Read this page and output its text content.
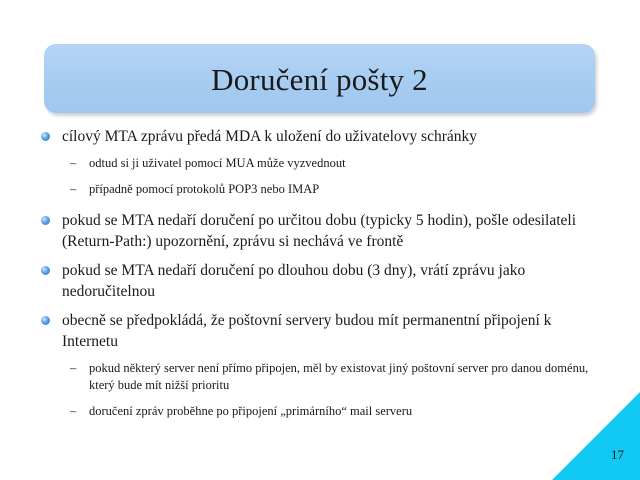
Doručení pošty 2
cílový MTA zprávu předá MDA k uložení do uživatelovy schránky
– odtud si ji uživatel pomocí MUA může vyzvednout
– případně pomocí protokolů POP3 nebo IMAP
pokud se MTA nedaří doručení po určitou dobu (typicky 5 hodin), pošle odesilateli (Return-Path:) upozornění, zprávu si nechává ve frontě
pokud se MTA nedaří doručení po dlouhou dobu (3 dny), vrátí zprávu jako nedoručitelnou
obecně se předpokládá, že poštovní servery budou mít permanentní připojení k Internetu
– pokud některý server není přímo připojen, měl by existovat jiný poštovní server pro danou doménu, který bude mít nižší prioritu
– doručení zpráv proběhne po připojení „primárního“ mail serveru
17
